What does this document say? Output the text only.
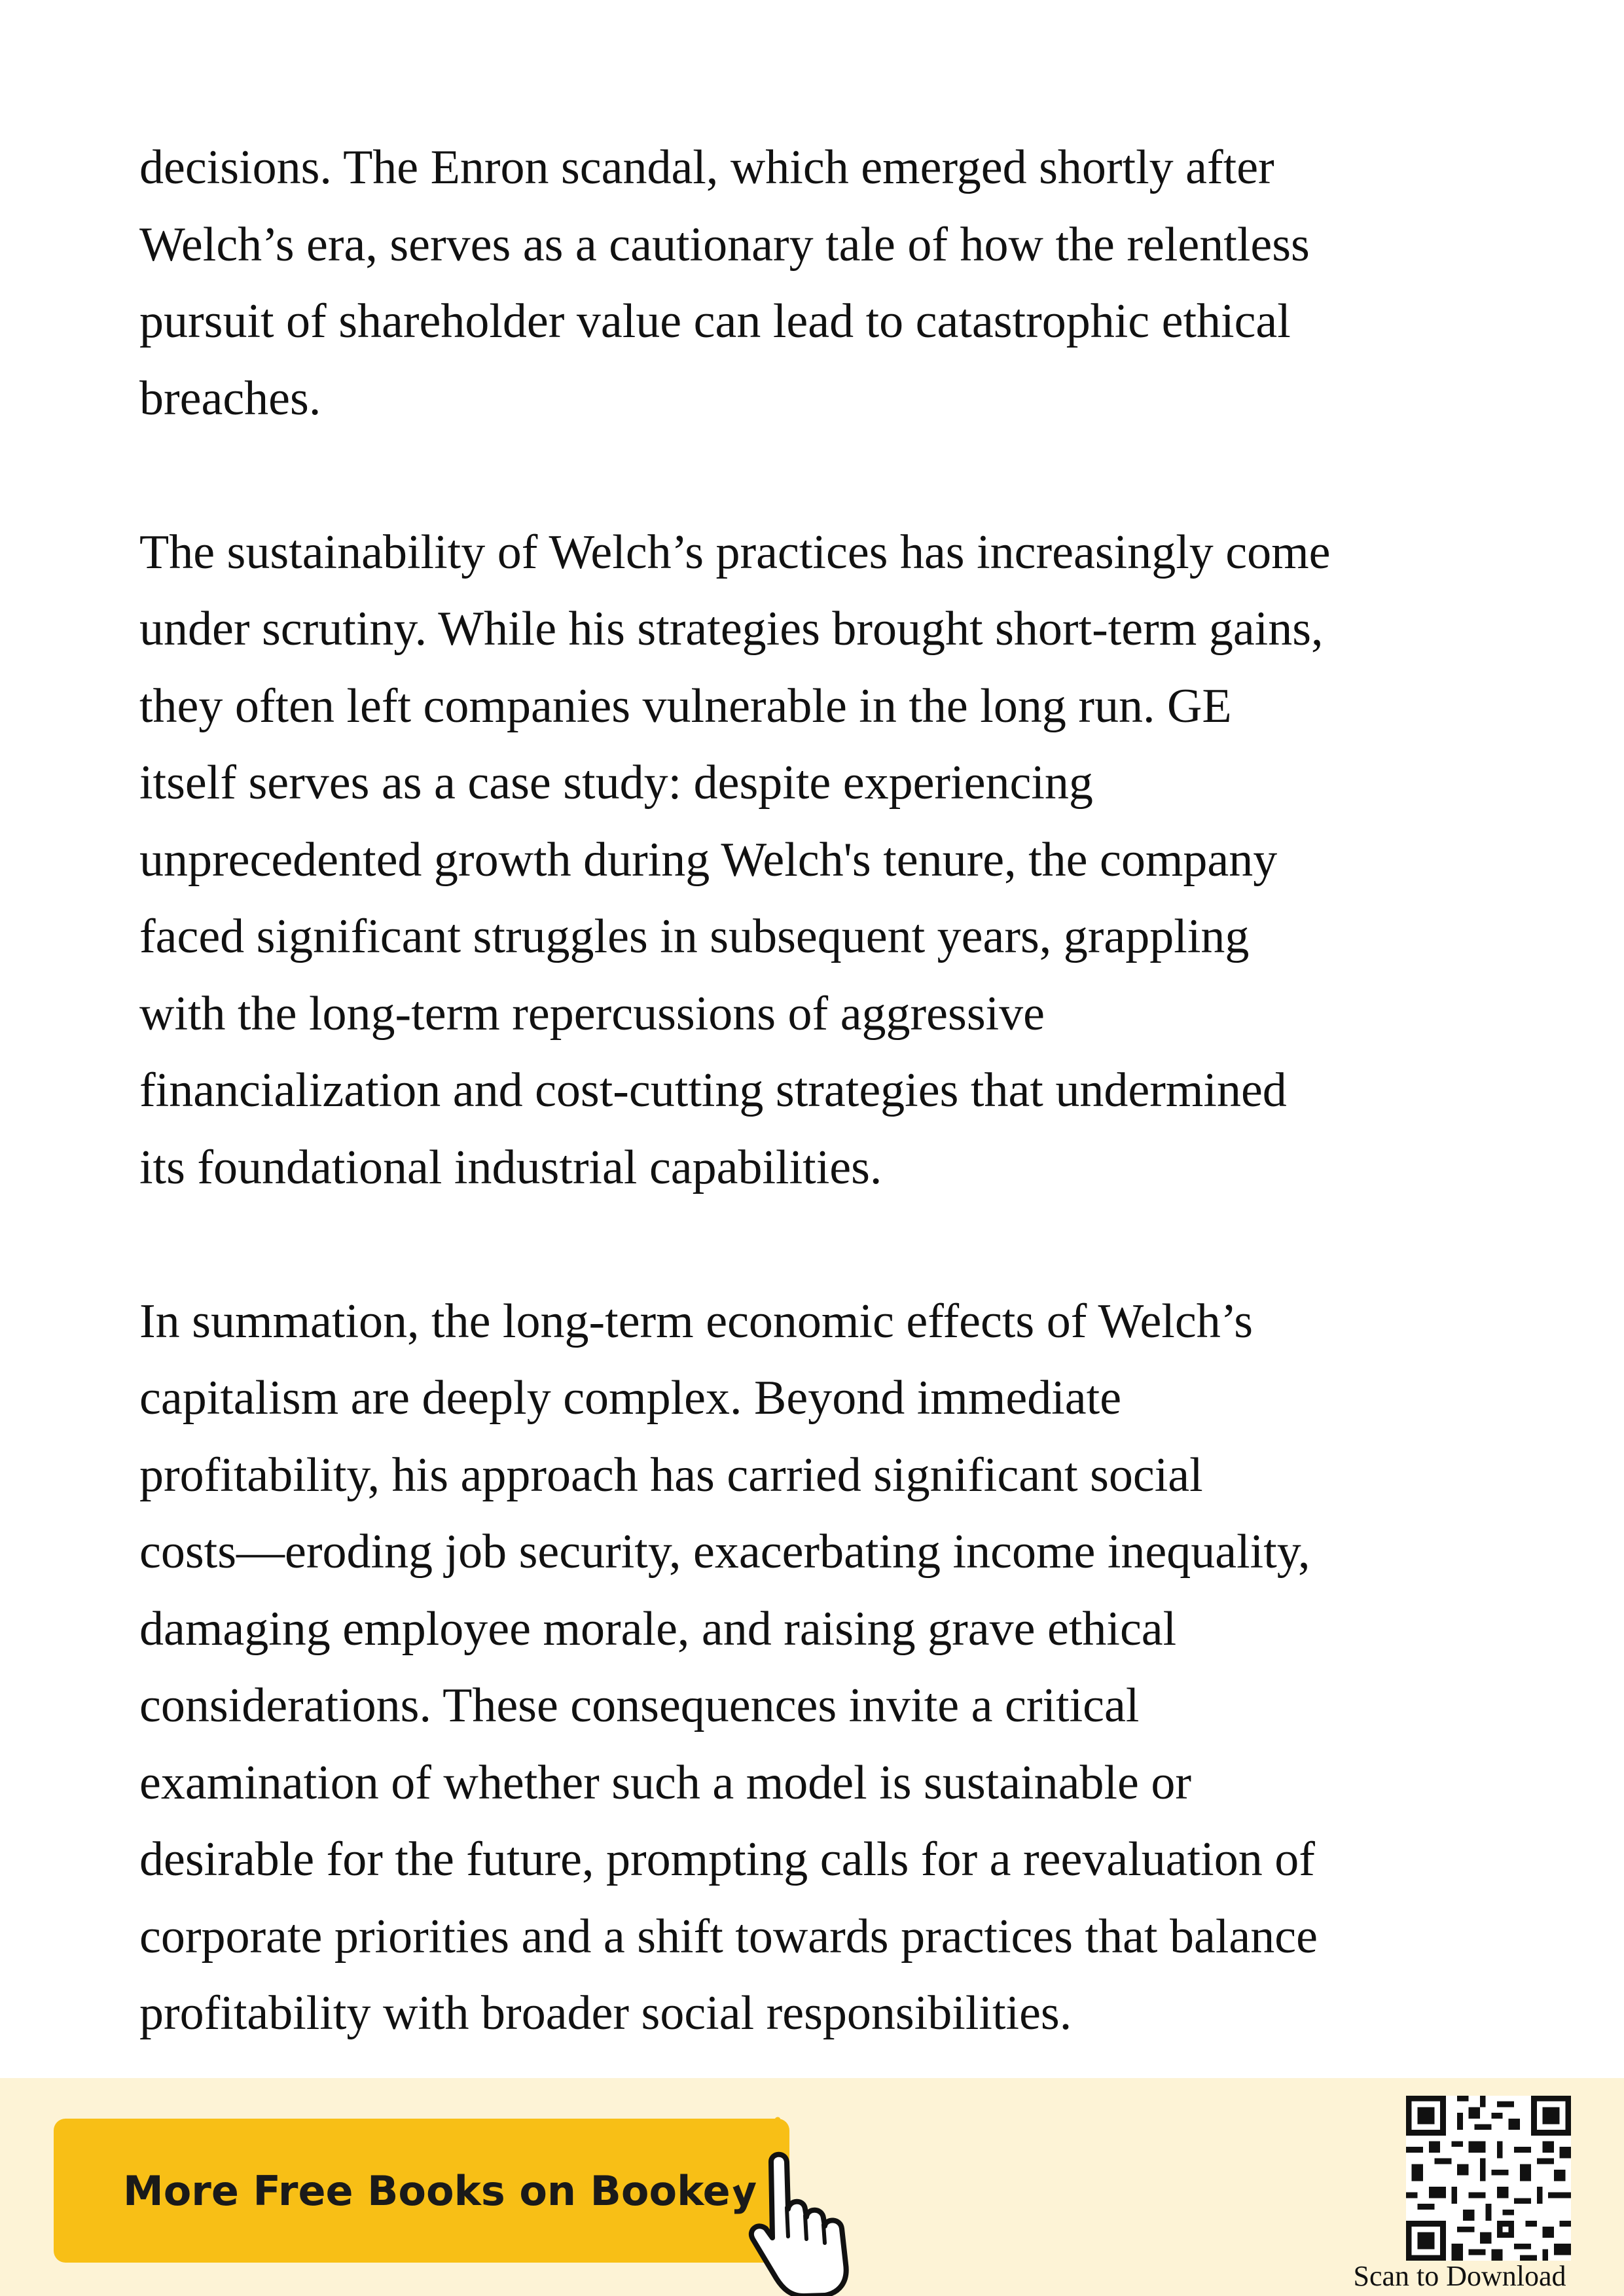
decisions. The Enron scandal, which emerged shortly after
Welch’s era, serves as a cautionary tale of how the relentless
pursuit of shareholder value can lead to catastrophic ethical
breaches.

The sustainability of Welch’s practices has increasingly come
under scrutiny. While his strategies brought short-term gains,
they often left companies vulnerable in the long run. GE
itself serves as a case study: despite experiencing
unprecedented growth during Welch's tenure, the company
faced significant struggles in subsequent years, grappling
with the long-term repercussions of aggressive
financialization and cost-cutting strategies that undermined
its foundational industrial capabilities.

In summation, the long-term economic effects of Welch’s
capitalism are deeply complex. Beyond immediate
profitability, his approach has carried significant social
costs—eroding job security, exacerbating income inequality,
damaging employee morale, and raising grave ethical
considerations. These consequences invite a critical
examination of whether such a model is sustainable or
desirable for the future, prompting calls for a reevaluation of
corporate priorities and a shift towards practices that balance
profitability with broader social responsibilities.

More Free Books on Bookey
Scan to Download
